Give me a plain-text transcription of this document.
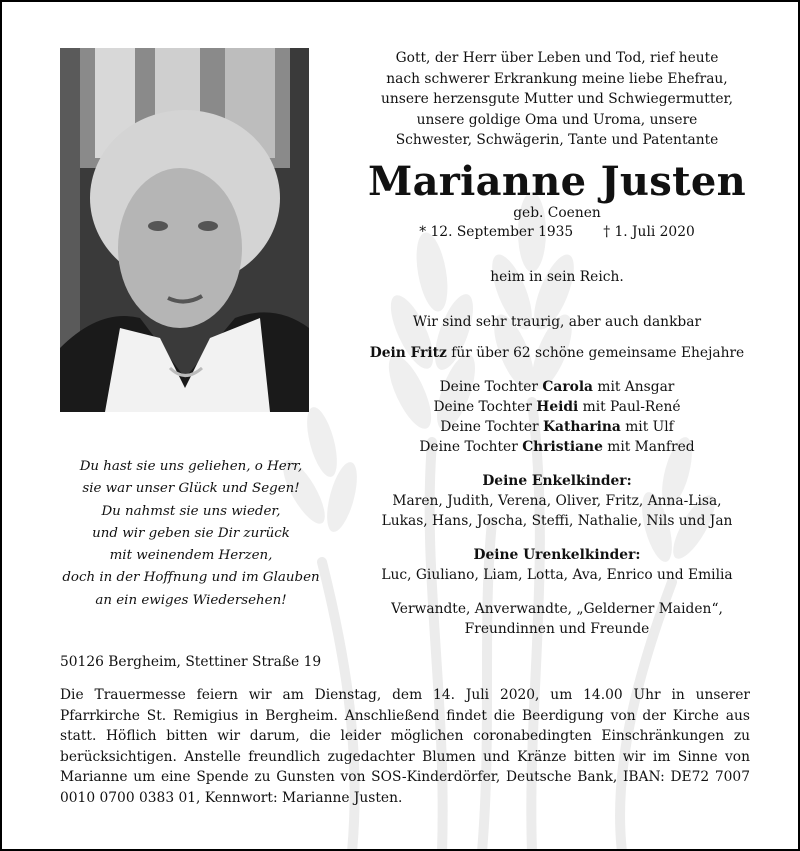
Du hast sie uns geliehen, o Herr,
sie war unser Glück und Segen!
Du nahmst sie uns wieder,
und wir geben sie Dir zurück
mit weinendem Herzen,
doch in der Hoffnung und im Glauben
an ein ewiges Wiedersehen!
Gott, der Herr über Leben und Tod, rief heute
nach schwerer Erkrankung meine liebe Ehefrau,
unsere herzensgute Mutter und Schwiegermutter,
unsere goldige Oma und Uroma, unsere
Schwester, Schwägerin, Tante und Patentante
Marianne Justen
geb. Coenen
* 12. September 1935 † 1. Juli 2020
heim in sein Reich.
Wir sind sehr traurig, aber auch dankbar
Dein Fritz für über 62 schöne gemeinsame Ehejahre
Deine Tochter Carola mit Ansgar
Deine Tochter Heidi mit Paul-René
Deine Tochter Katharina mit Ulf
Deine Tochter Christiane mit Manfred
Deine Enkelkinder:
Maren, Judith, Verena, Oliver, Fritz, Anna-Lisa,
Lukas, Hans, Joscha, Steffi, Nathalie, Nils und Jan
Deine Urenkelkinder:
Luc, Giuliano, Liam, Lotta, Ava, Enrico und Emilia
Verwandte, Anverwandte, „Gelderner Maiden“,
Freundinnen und Freunde
50126 Bergheim, Stettiner Straße 19
Die Trauermesse feiern wir am Dienstag, dem 14. Juli 2020, um 14.00 Uhr in unserer
Pfarrkirche St. Remigius in Bergheim. Anschließend findet die Beerdigung von der Kirche aus
statt. Höflich bitten wir darum, die leider möglichen coronabedingten Einschränkungen zu
berücksichtigen. Anstelle freundlich zugedachter Blumen und Kränze bitten wir im Sinne von
Marianne um eine Spende zu Gunsten von SOS-Kinderdörfer, Deutsche Bank, IBAN: DE72 7007
0010 0700 0383 01, Kennwort: Marianne Justen.
